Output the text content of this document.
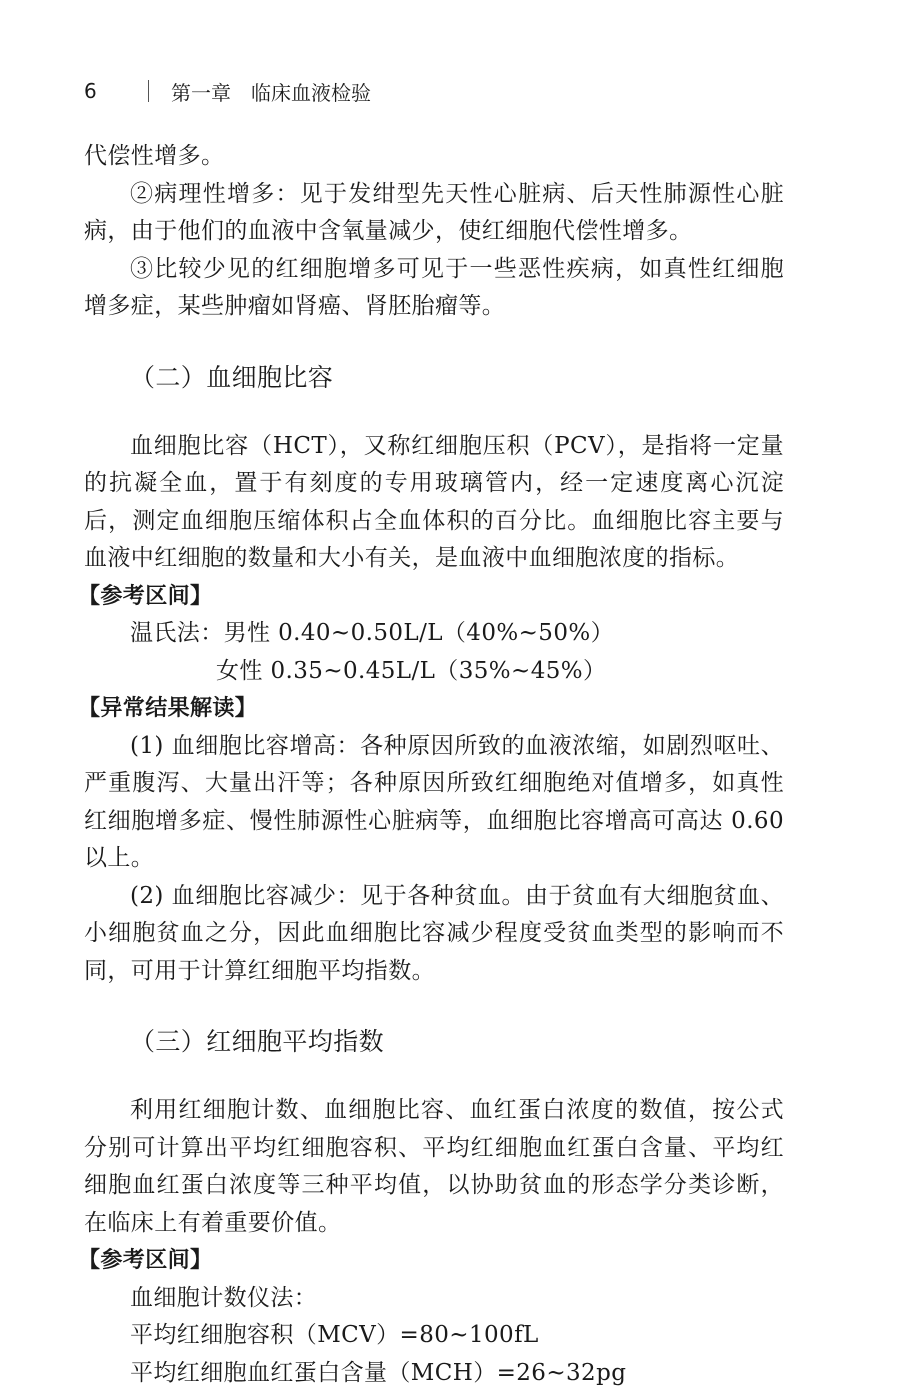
6	第一章　临床血液检验

代偿性增多。

②病理性增多：见于发绀型先天性心脏病、后天性肺源性心脏病，由于他们的血液中含氧量减少，使红细胞代偿性增多。

③比较少见的红细胞增多可见于一些恶性疾病，如真性红细胞增多症，某些肿瘤如肾癌、肾胚胎瘤等。

（二）血细胞比容

血细胞比容（HCT），又称红细胞压积（PCV），是指将一定量的抗凝全血，置于有刻度的专用玻璃管内，经一定速度离心沉淀后，测定血细胞压缩体积占全血体积的百分比。血细胞比容主要与血液中红细胞的数量和大小有关，是血液中血细胞浓度的指标。

【参考区间】
温氏法：男性 0.40~0.50L/L（40%~50%）
女性 0.35~0.45L/L（35%~45%）
【异常结果解读】

(1) 血细胞比容增高：各种原因所致的血液浓缩，如剧烈呕吐、严重腹泻、大量出汗等；各种原因所致红细胞绝对值增多，如真性红细胞增多症、慢性肺源性心脏病等，血细胞比容增高可高达 0.60 以上。

(2) 血细胞比容减少：见于各种贫血。由于贫血有大细胞贫血、小细胞贫血之分，因此血细胞比容减少程度受贫血类型的影响而不同，可用于计算红细胞平均指数。

（三）红细胞平均指数

利用红细胞计数、血细胞比容、血红蛋白浓度的数值，按公式分别可计算出平均红细胞容积、平均红细胞血红蛋白含量、平均红细胞血红蛋白浓度等三种平均值，以协助贫血的形态学分类诊断，在临床上有着重要价值。

【参考区间】
血细胞计数仪法：
平均红细胞容积（MCV）=80~100fL
平均红细胞血红蛋白含量（MCH）=26~32pg
